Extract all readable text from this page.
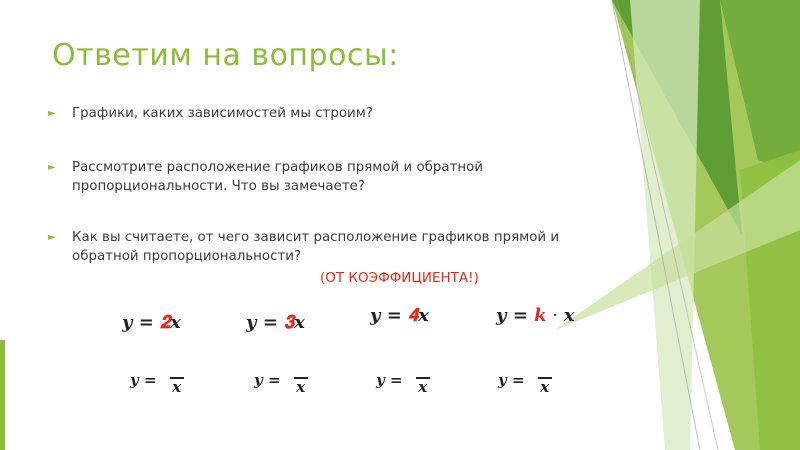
Ответим на вопросы:
► Графики, каких зависимостей мы строим?
► Рассмотрите расположение графиков прямой и обратной пропорциональности. Что вы замечаете?
► Как вы считаете, от чего зависит расположение графиков прямой и обратной пропорциональности?
(ОТ КОЭФФИЦИЕНТА!)
𝒚 = 𝟐𝒙	𝒚 = 𝟑𝒙	𝒚 = 𝟒𝒙	𝒚 = 𝒌 · 𝒙
𝒚 = 𝒙	𝒚 = 𝒙	𝒚 = 𝒙	𝒚 = 𝒙
